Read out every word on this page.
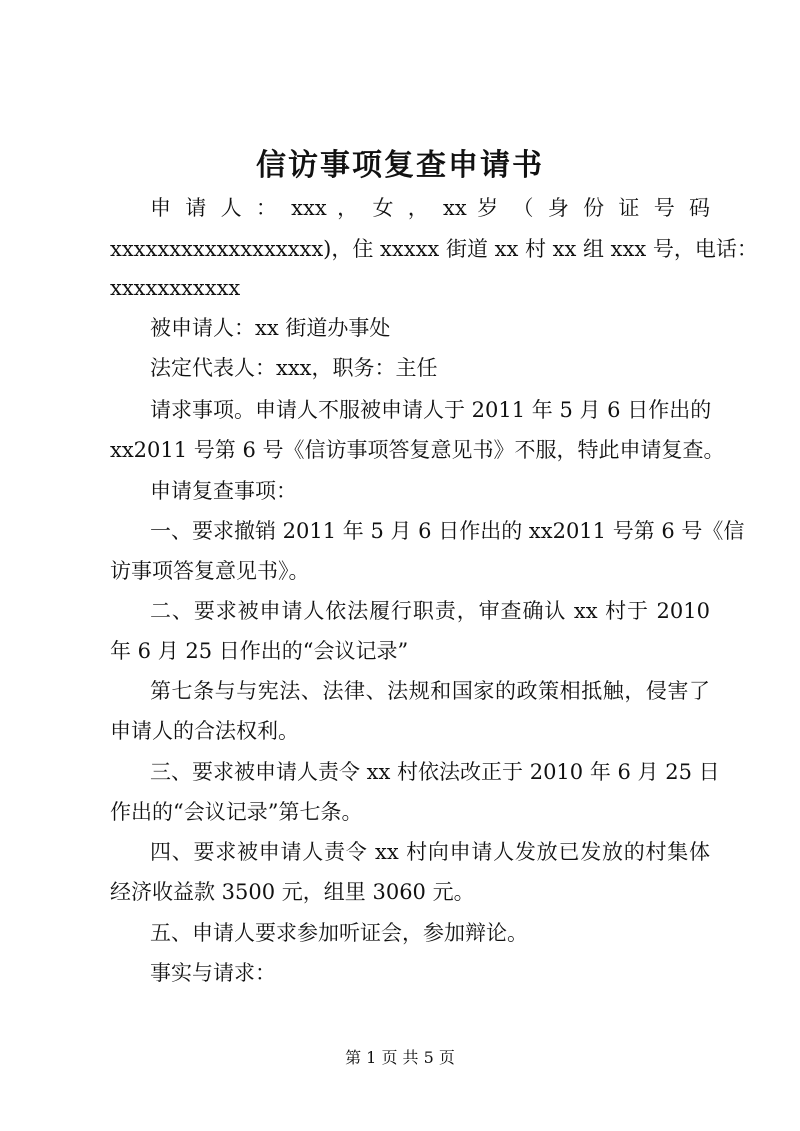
信访事项复查申请书
申 请 人 ： xxx ， 女 ， xx 岁 （ 身 份 证 号 码
xxxxxxxxxxxxxxxxxx)，住 xxxxx 街道 xx 村 xx 组 xxx 号，电话：
xxxxxxxxxxx
被申请人：xx 街道办事处
法定代表人：xxx，职务：主任
请求事项。申请人不服被申请人于 2011 年 5 月 6 日作出的
xx2011 号第 6 号《信访事项答复意见书》不服，特此申请复查。
申请复查事项：
一、要求撤销 2011 年 5 月 6 日作出的 xx2011 号第 6 号《信
访事项答复意见书》。
二、要求被申请人依法履行职责，审查确认 xx 村于 2010
年 6 月 25 日作出的“会议记录”
第七条与与宪法、法律、法规和国家的政策相抵触，侵害了
申请人的合法权利。
三、要求被申请人责令 xx 村依法改正于 2010 年 6 月 25 日
作出的“会议记录”第七条。
四、要求被申请人责令 xx 村向申请人发放已发放的村集体
经济收益款 3500 元，组里 3060 元。
五、申请人要求参加听证会，参加辩论。
事实与请求：
第 1 页 共 5 页
